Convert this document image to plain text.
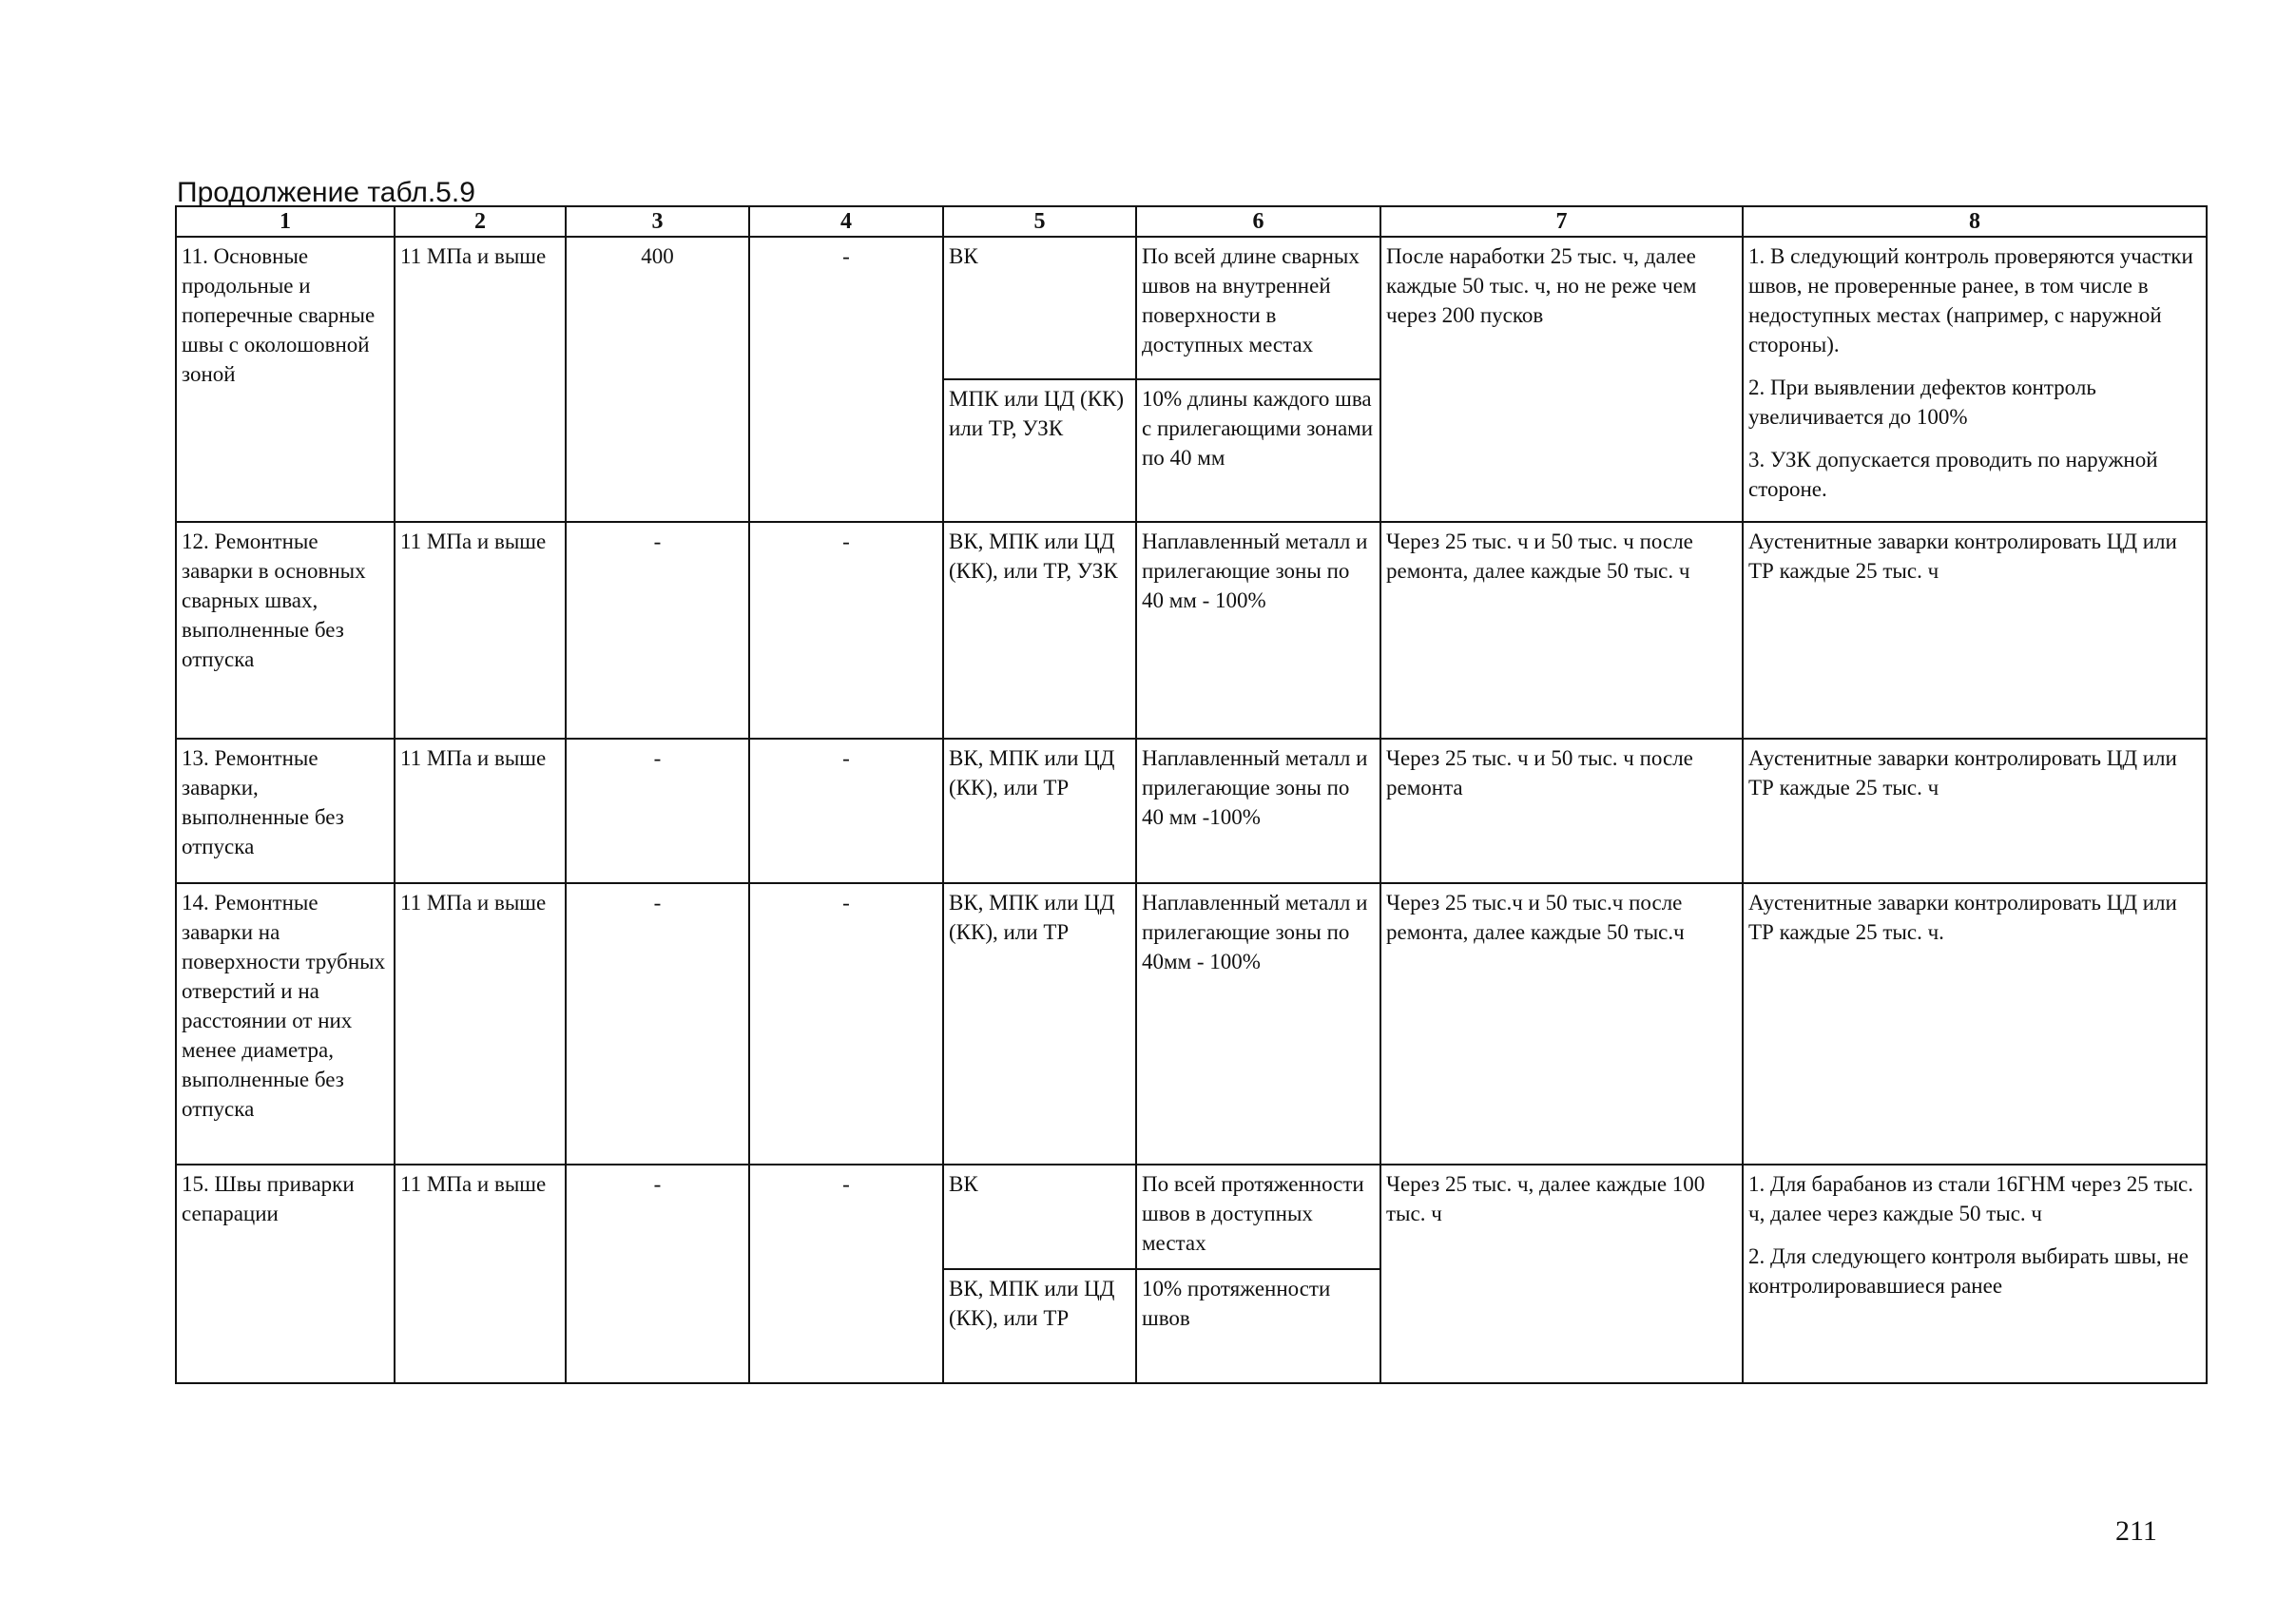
Продолжение табл.5.9
1	2	3	4	5	6	7	8
11. Основные продольные и поперечные сварные швы с околошовной зоной	11 МПа и выше	400	-	ВК	По всей длине сварных швов на внутренней поверхности в доступных местах	После наработки 25 тыс. ч, далее каждые 50 тыс. ч, но не реже чем через 200 пусков	1. В следующий контроль проверяются участки швов, не проверенные ранее, в том числе в недоступных местах (например, с наружной стороны).
2. При выявлении дефектов контроль увеличивается до 100%
3. УЗК допускается проводить по наружной стороне.

				МПК или ЦД (КК) или ТР, УЗК	10% длины каждого шва с прилегающими зонами по 40 мм		
12. Ремонтные заварки в основных сварных швах, выполненные без отпуска	11 МПа и выше	-	-	ВК, МПК или ЦД (КК), или ТР, УЗК	Наплавленный металл и прилегающие зоны по 40 мм - 100%	Через 25 тыс. ч и 50 тыс. ч после ремонта, далее каждые 50 тыс. ч	Аустенитные заварки контролировать ЦД или ТР каждые 25 тыс. ч
13. Ремонтные заварки, выполненные без отпуска	11 МПа и выше	-	-	ВК, МПК или ЦД (КК), или ТР	Наплавленный металл и прилегающие зоны по 40 мм -100%	Через 25 тыс. ч и 50 тыс. ч после ремонта	Аустенитные заварки контролировать ЦД или ТР каждые 25 тыс. ч
14. Ремонтные заварки на поверхности трубных отверстий и на расстоянии от них менее диаметра, выполненные без отпуска	11 МПа и выше	-	-	ВК, МПК или ЦД (КК), или ТР	Наплавленный металл и прилегающие зоны по 40мм - 100%	Через 25 тыс.ч и 50 тыс.ч после ремонта, далее каждые 50 тыс.ч	Аустенитные заварки контролировать ЦД или ТР каждые 25 тыс. ч.
15. Швы приварки сепарации	11 МПа и выше	-	-	ВК	По всей протяженности швов в доступных местах	Через 25 тыс. ч, далее каждые 100 тыс. ч	1. Для барабанов из стали 16ГНМ через 25 тыс. ч, далее через каждые 50 тыс. ч
2. Для следующего контроля выбирать швы, не контролировавшиеся ранее

				ВК, МПК или ЦД (КК), или ТР	10% протяженности швов		
211
